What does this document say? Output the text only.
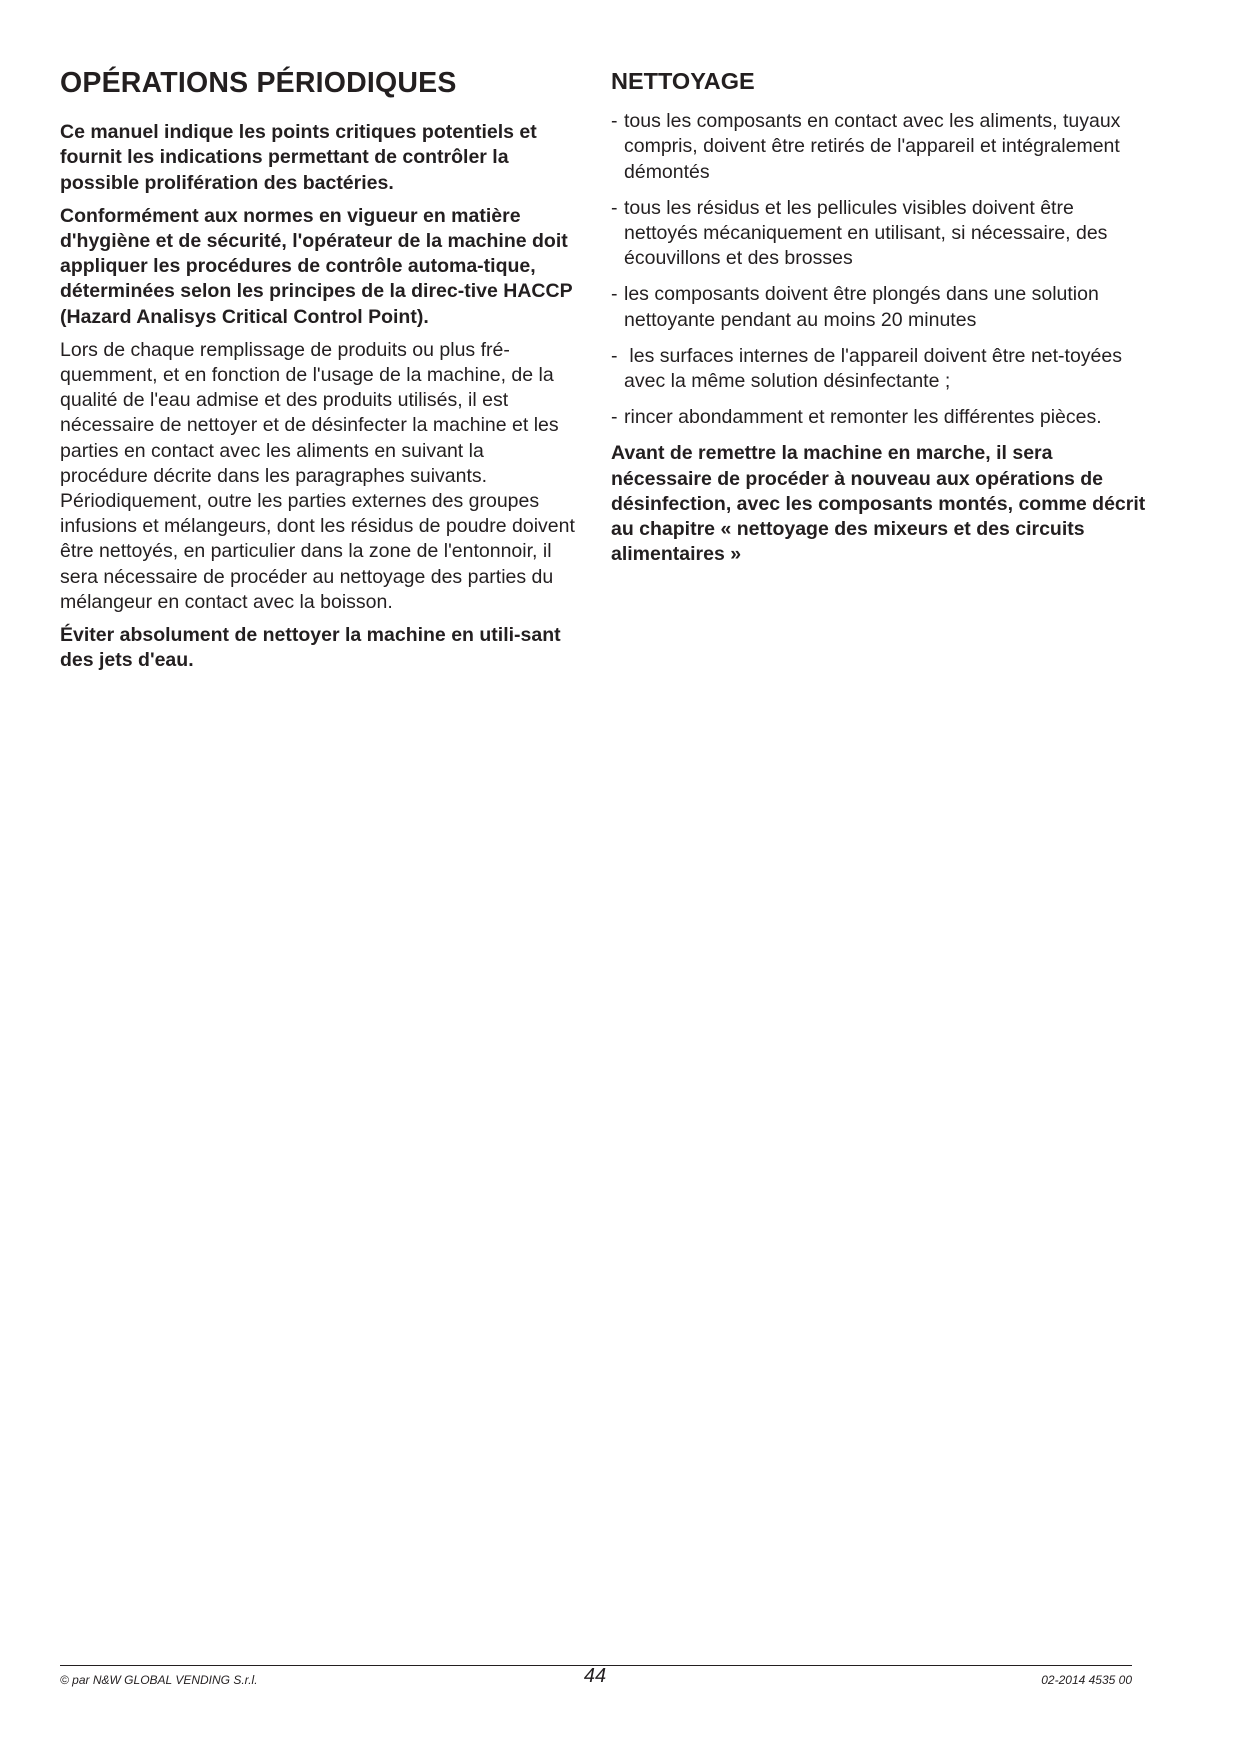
OPÉRATIONS PÉRIODIQUES

Ce manuel indique les points critiques potentiels et fournit les indications permettant de contrôler la possible prolifération des bactéries.

Conformément aux normes en vigueur en matière d'hygiène et de sécurité, l'opérateur de la machine doit appliquer les procédures de contrôle automa-tique, déterminées selon les principes de la direc-tive HACCP (Hazard Analisys Critical Control Point).

Lors de chaque remplissage de produits ou plus fré-quemment, et en fonction de l'usage de la machine, de la qualité de l'eau admise et des produits utilisés, il est nécessaire de nettoyer et de désinfecter la machine et les parties en contact avec les aliments en suivant la procédure décrite dans les paragraphes suivants. Périodiquement, outre les parties externes des groupes infusions et mélangeurs, dont les résidus de poudre doivent être nettoyés, en particulier dans la zone de l'entonnoir, il sera nécessaire de procéder au nettoyage des parties du mélangeur en contact avec la boisson.

Éviter absolument de nettoyer la machine en utili-sant des jets d'eau.

NETTOYAGE
- tous les composants en contact avec les aliments, tuyaux compris, doivent être retirés de l'appareil et intégralement démontés
- tous les résidus et les pellicules visibles doivent être nettoyés mécaniquement en utilisant, si nécessaire, des écouvillons et des brosses
- les composants doivent être plongés dans une solution nettoyante pendant au moins 20 minutes
- les surfaces internes de l'appareil doivent être net-toyées avec la même solution désinfectante ;
- rincer abondamment et remonter les différentes pièces.

Avant de remettre la machine en marche, il sera nécessaire de procéder à nouveau aux opérations de désinfection, avec les composants montés, comme décrit au chapitre « nettoyage des mixeurs et des circuits alimentaires »

© par N&W GLOBAL VENDING S.r.l.	44	02-2014 4535 00
